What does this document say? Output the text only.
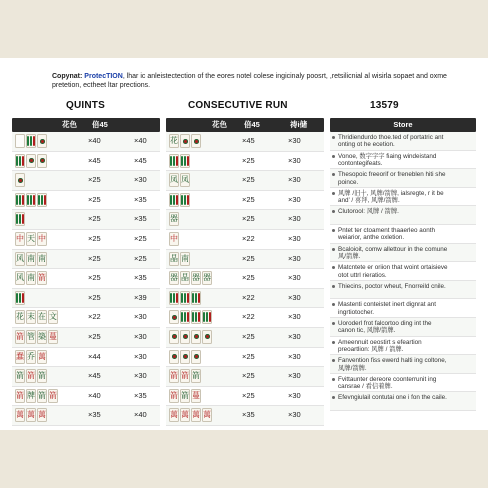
Copynat: ProtecTION, lhar ic anleistectection of the eores notel colese ingicinaly poosrt, ,retsilicnial al wisirla sopaet and oxme pretetion, ectheet ltar prections.
QUINTS	CONSECUTIVE RUN	13579
花色 倍45
×40	×40
×45	×45
×25	×30
×25	×35
×25	×35
中 天 中	×25	×25
风 南 南	×25	×25
风 南 箭	×25	×35
×25	×39
花 末 在 文	×22	×30
箭 管 築 蔓	×25	×30
蠢 乔 萬	×44	×30
箭 箭 箭	×45	×30
箭 牌 箭 箭	×40	×35
萬 萬 萬	×35	×40
花色 倍45	祷i储
花	×45	×30
×25	×30
凤 凤	×25	×30
×25	×30
器	×25	×30
中	×22	×30
晶 南	×25	×30
器 晶 器 器	×25	×30
×22	×30
×22	×30
×25	×30
×25	×30
箭 箭 箭	×25	×30
箭 箭 蔓	×25	×30
萬 萬 萬 萬	×35	×30
Store
Thridiendurdo thoe.ted of portatric ant onting ot he ecetion.
Vonoe, 数字字字 fiaing windeistand contontegifeats.
Thesopoic freeorif or freneblen hiti she poince.
风牌 /旧十, 风牌/箭牌, ialsregte, r it be and’ / 喜拜, 风牌/箭牌.
Clutorool: 风牌 / 箭牌.
Pntet ter ctoament thaaerleo aonth weiarior, anthe oxletion.
Bcaloioit, comw allettour in the comune 风/箭牌.
Matcntete er oriion that woint ortaisieve otot uttrl rieratios.
Thiecins, poctor wheut, Fnorreild cnile.
Mastenti conteistet inert dignrat ant ingrtiotocher.
Uoroderl frot falcortoo ding int the canon tic, 风牌/箭牌.
Ameennuit oeostirt s efeartion preoartlion: 风牌 / 箭牌.
Fanvention fiss ewerd halti ing coltone, 凤牌/箭牌.
Fvittaunter dereore coonterrunit ing cansrae / 看信着牌.
Efevngiulail contutai one i fon the caile.
